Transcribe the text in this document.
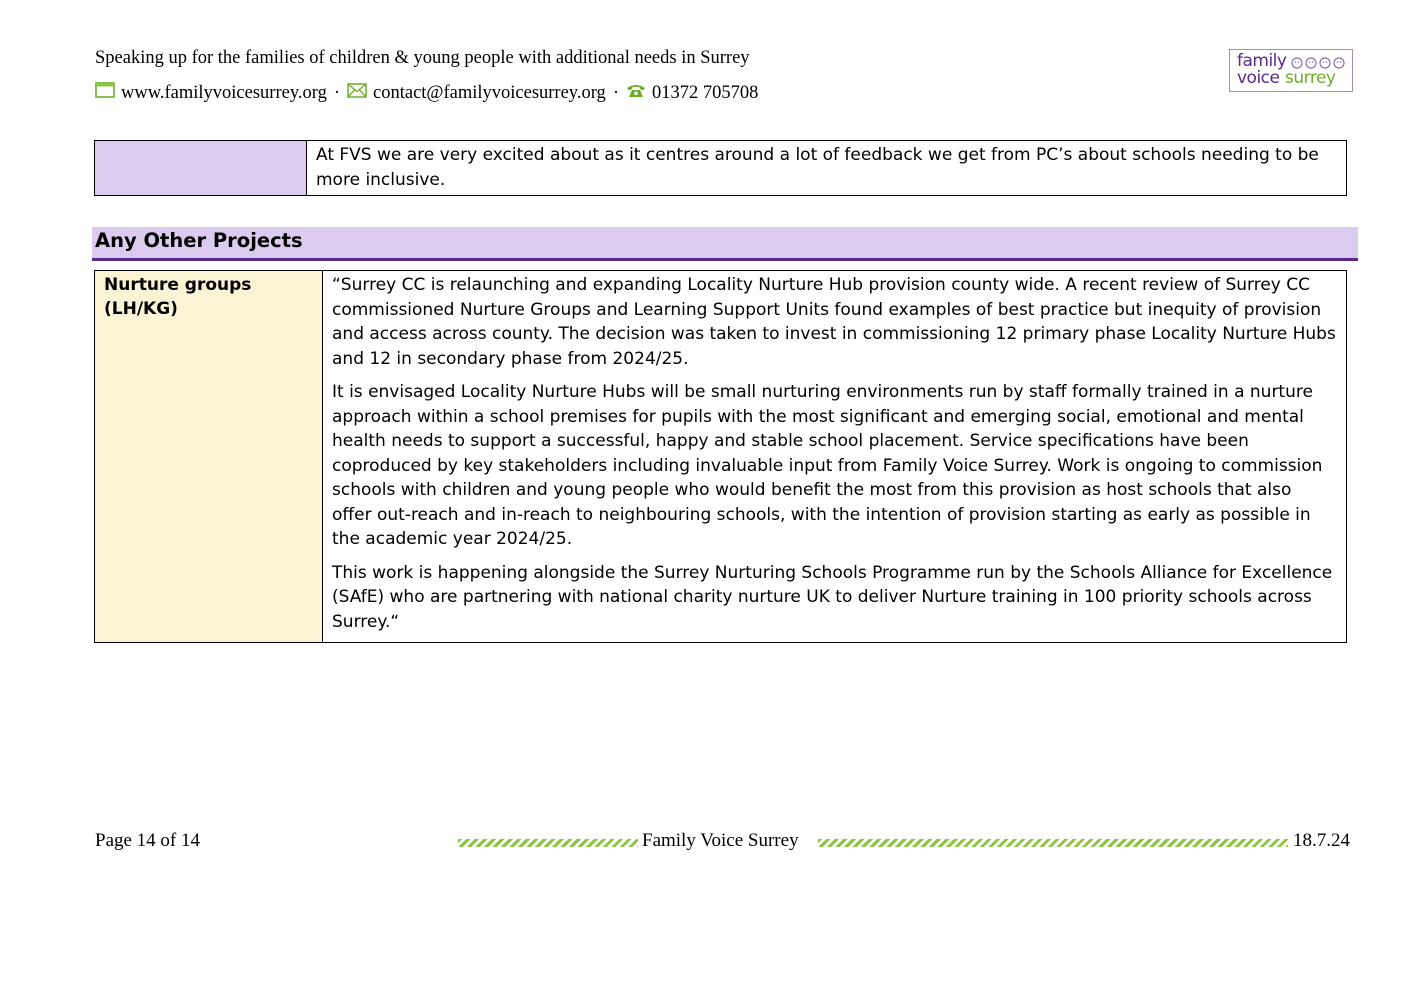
Speaking up for the families of children & young people with additional needs in Surrey
www.familyvoicesurrey.org · contact@familyvoicesurrey.org · 01372 705708
family
voice surrey
	At FVS we are very excited about as it centres around a lot of feedback we get from PC’s about schools needing to be more inclusive.
Any Other Projects
Nurture groups
(LH/KG)

“Surrey CC is relaunching and expanding Locality Nurture Hub provision county wide. A recent review of Surrey CC commissioned Nurture Groups and Learning Support Units found examples of best practice but inequity of provision and access across county. The decision was taken to invest in commissioning 12 primary phase Locality Nurture Hubs and 12 in secondary phase from 2024/25.

It is envisaged Locality Nurture Hubs will be small nurturing environments run by staff formally trained in a nurture approach within a school premises for pupils with the most significant and emerging social, emotional and mental health needs to support a successful, happy and stable school placement. Service specifications have been coproduced by key stakeholders including invaluable input from Family Voice Surrey. Work is ongoing to commission schools with children and young people who would benefit the most from this provision as host schools that also offer out-reach and in-reach to neighbouring schools, with the intention of provision starting as early as possible in the academic year 2024/25.

This work is happening alongside the Surrey Nurturing Schools Programme run by the Schools Alliance for Excellence (SAfE) who are partnering with national charity nurture UK to deliver Nurture training in 100 priority schools across Surrey.“

Page 14 of 14	Family Voice Surrey	18.7.24
